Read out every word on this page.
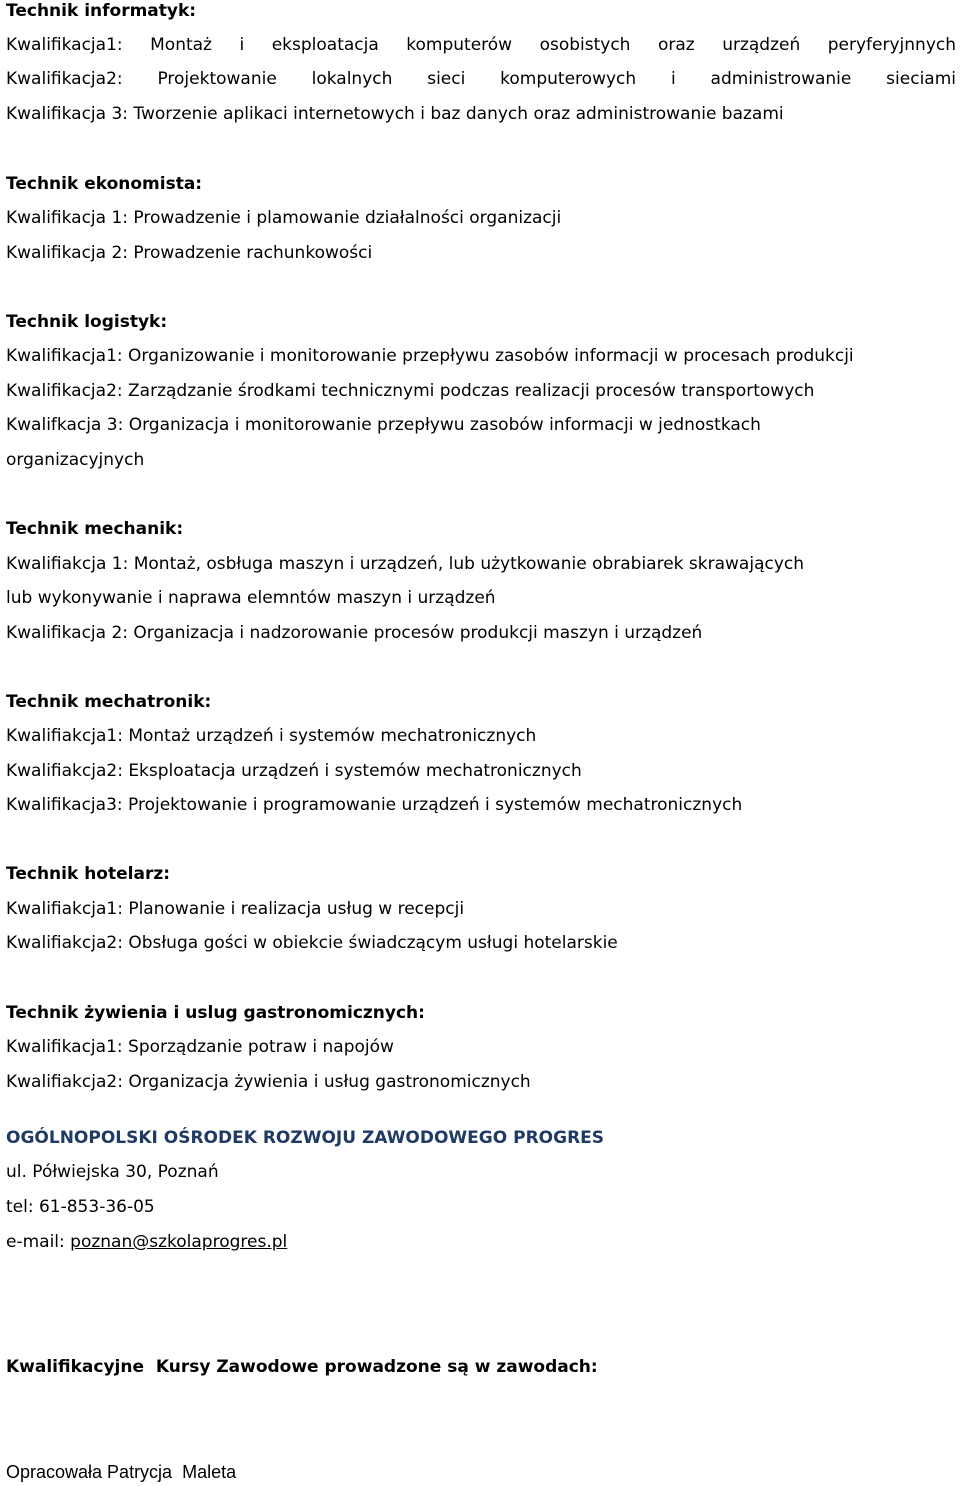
Technik informatyk:
Kwalifikacja1: Montaż i eksploatacja komputerów osobistych oraz urządzeń peryferyjnnych
Kwalifikacja2: Projektowanie lokalnych sieci komputerowych i administrowanie sieciami
Kwalifikacja 3: Tworzenie aplikaci internetowych i baz danych oraz administrowanie bazami
Technik ekonomista:
Kwalifikacja 1: Prowadzenie i plamowanie działalności organizacji
Kwalifikacja 2: Prowadzenie rachunkowości
Technik logistyk:
Kwalifikacja1: Organizowanie i monitorowanie przepływu zasobów informacji w procesach produkcji
Kwalifikacja2: Zarządzanie środkami technicznymi podczas realizacji procesów transportowych
Kwalifkacja 3: Organizacja i monitorowanie przepływu zasobów informacji w jednostkach
organizacyjnych
Technik mechanik:
Kwalifiakcja 1: Montaż, osbługa maszyn i urządzeń, lub użytkowanie obrabiarek skrawających
lub wykonywanie i naprawa elemntów maszyn i urządzeń
Kwalifikacja 2: Organizacja i nadzorowanie procesów produkcji maszyn i urządzeń
Technik mechatronik:
Kwalifiakcja1: Montaż urządzeń i systemów mechatronicznych
Kwalifiakcja2: Eksploatacja urządzeń i systemów mechatronicznych
Kwalifikacja3: Projektowanie i programowanie urządzeń i systemów mechatronicznych
Technik hotelarz:
Kwalifiakcja1: Planowanie i realizacja usług w recepcji
Kwalifiakcja2: Obsługa gości w obiekcie świadczącym usługi hotelarskie
Technik żywienia i uslug gastronomicznych:
Kwalifikacja1: Sporządzanie potraw i napojów
Kwalifiakcja2: Organizacja żywienia i usług gastronomicznych
OGÓLNOPOLSKI OŚRODEK ROZWOJU ZAWODOWEGO PROGRES
ul. Półwiejska 30, Poznań
tel: 61-853-36-05
e-mail: poznan@szkolaprogres.pl
Kwalifikacyjne  Kursy Zawodowe prowadzone są w zawodach:
Opracowała Patrycja  Maleta
